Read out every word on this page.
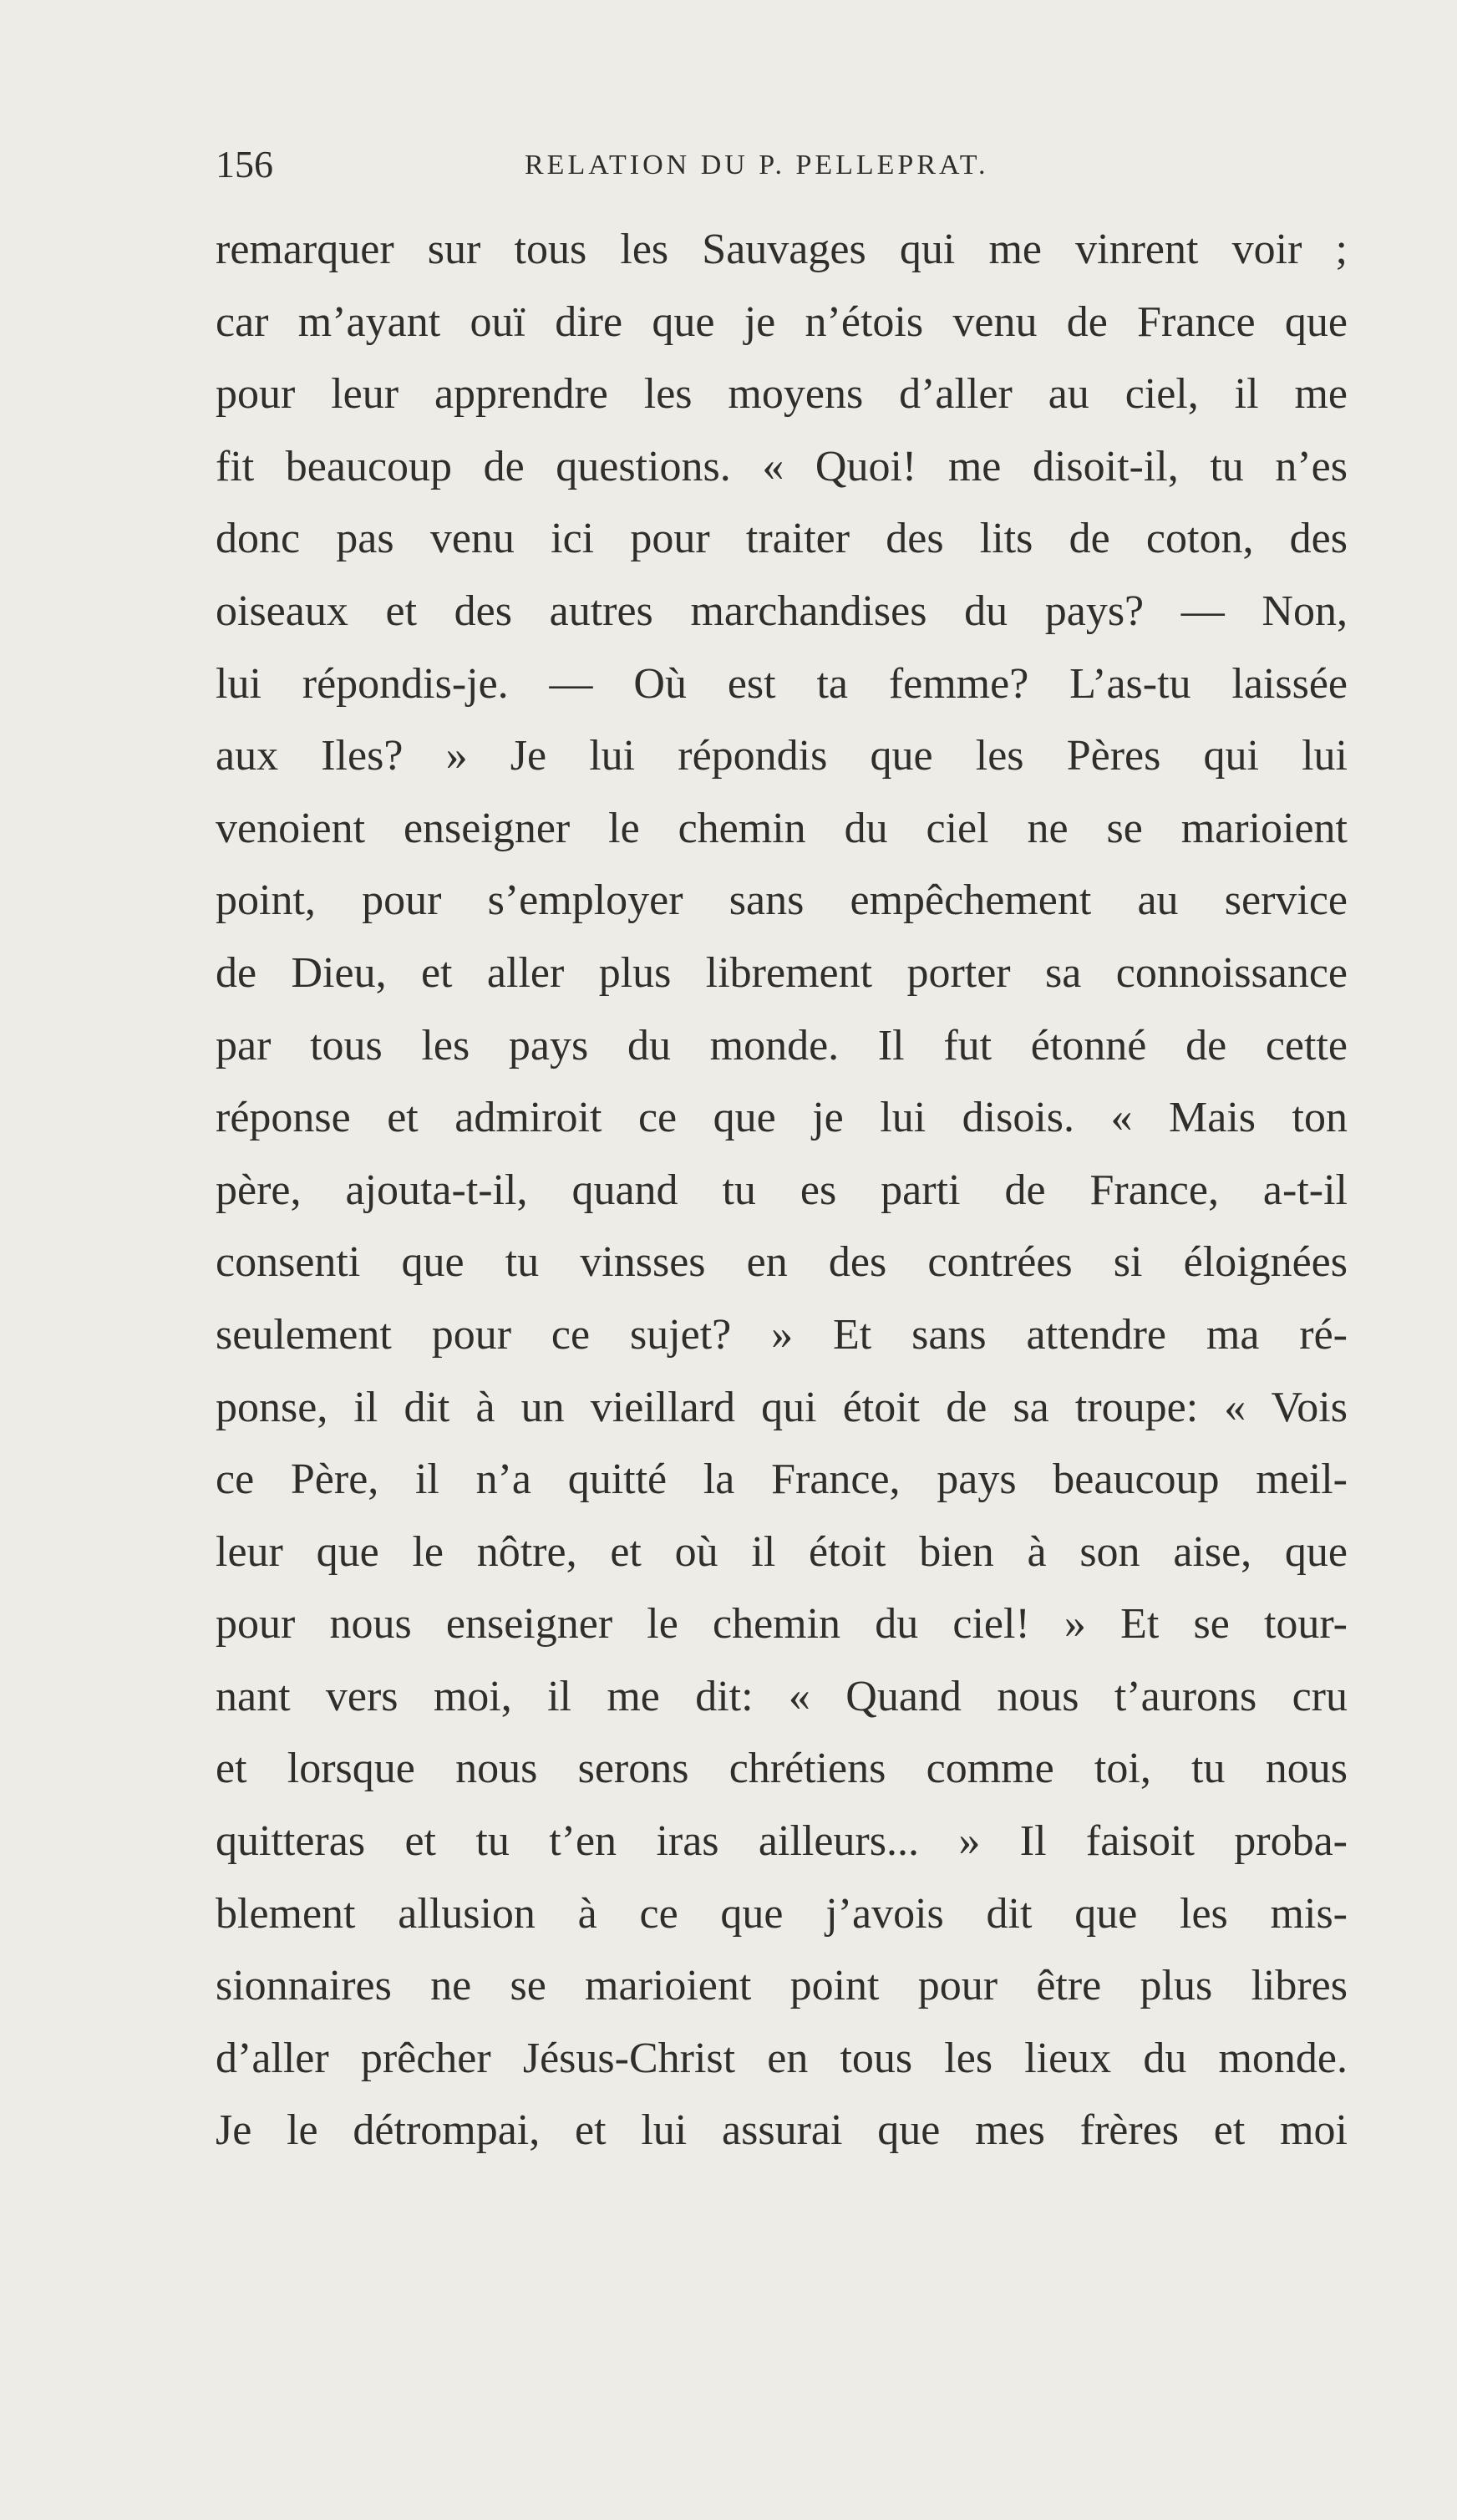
156	RELATION DU P. PELLEPRAT.
remarquer sur tous les Sauvages qui me vinrent voir ;
car m’ayant ouï dire que je n’étois venu de France que
pour leur apprendre les moyens d’aller au ciel, il me
fit beaucoup de questions. « Quoi! me disoit-il, tu n’es
donc pas venu ici pour traiter des lits de coton, des
oiseaux et des autres marchandises du pays? — Non,
lui répondis-je. — Où est ta femme? L’as-tu laissée
aux Iles? » Je lui répondis que les Pères qui lui
venoient enseigner le chemin du ciel ne se marioient
point, pour s’employer sans empêchement au service
de Dieu, et aller plus librement porter sa connoissance
par tous les pays du monde. Il fut étonné de cette
réponse et admiroit ce que je lui disois. « Mais ton
père, ajouta-t-il, quand tu es parti de France, a-t-il
consenti que tu vinsses en des contrées si éloignées
seulement pour ce sujet? » Et sans attendre ma ré-
ponse, il dit à un vieillard qui étoit de sa troupe: « Vois
ce Père, il n’a quitté la France, pays beaucoup meil-
leur que le nôtre, et où il étoit bien à son aise, que
pour nous enseigner le chemin du ciel! » Et se tour-
nant vers moi, il me dit: « Quand nous t’aurons cru
et lorsque nous serons chrétiens comme toi, tu nous
quitteras et tu t’en iras ailleurs... » Il faisoit proba-
blement allusion à ce que j’avois dit que les mis-
sionnaires ne se marioient point pour être plus libres
d’aller prêcher Jésus-Christ en tous les lieux du monde.
Je le détrompai, et lui assurai que mes frères et moi
